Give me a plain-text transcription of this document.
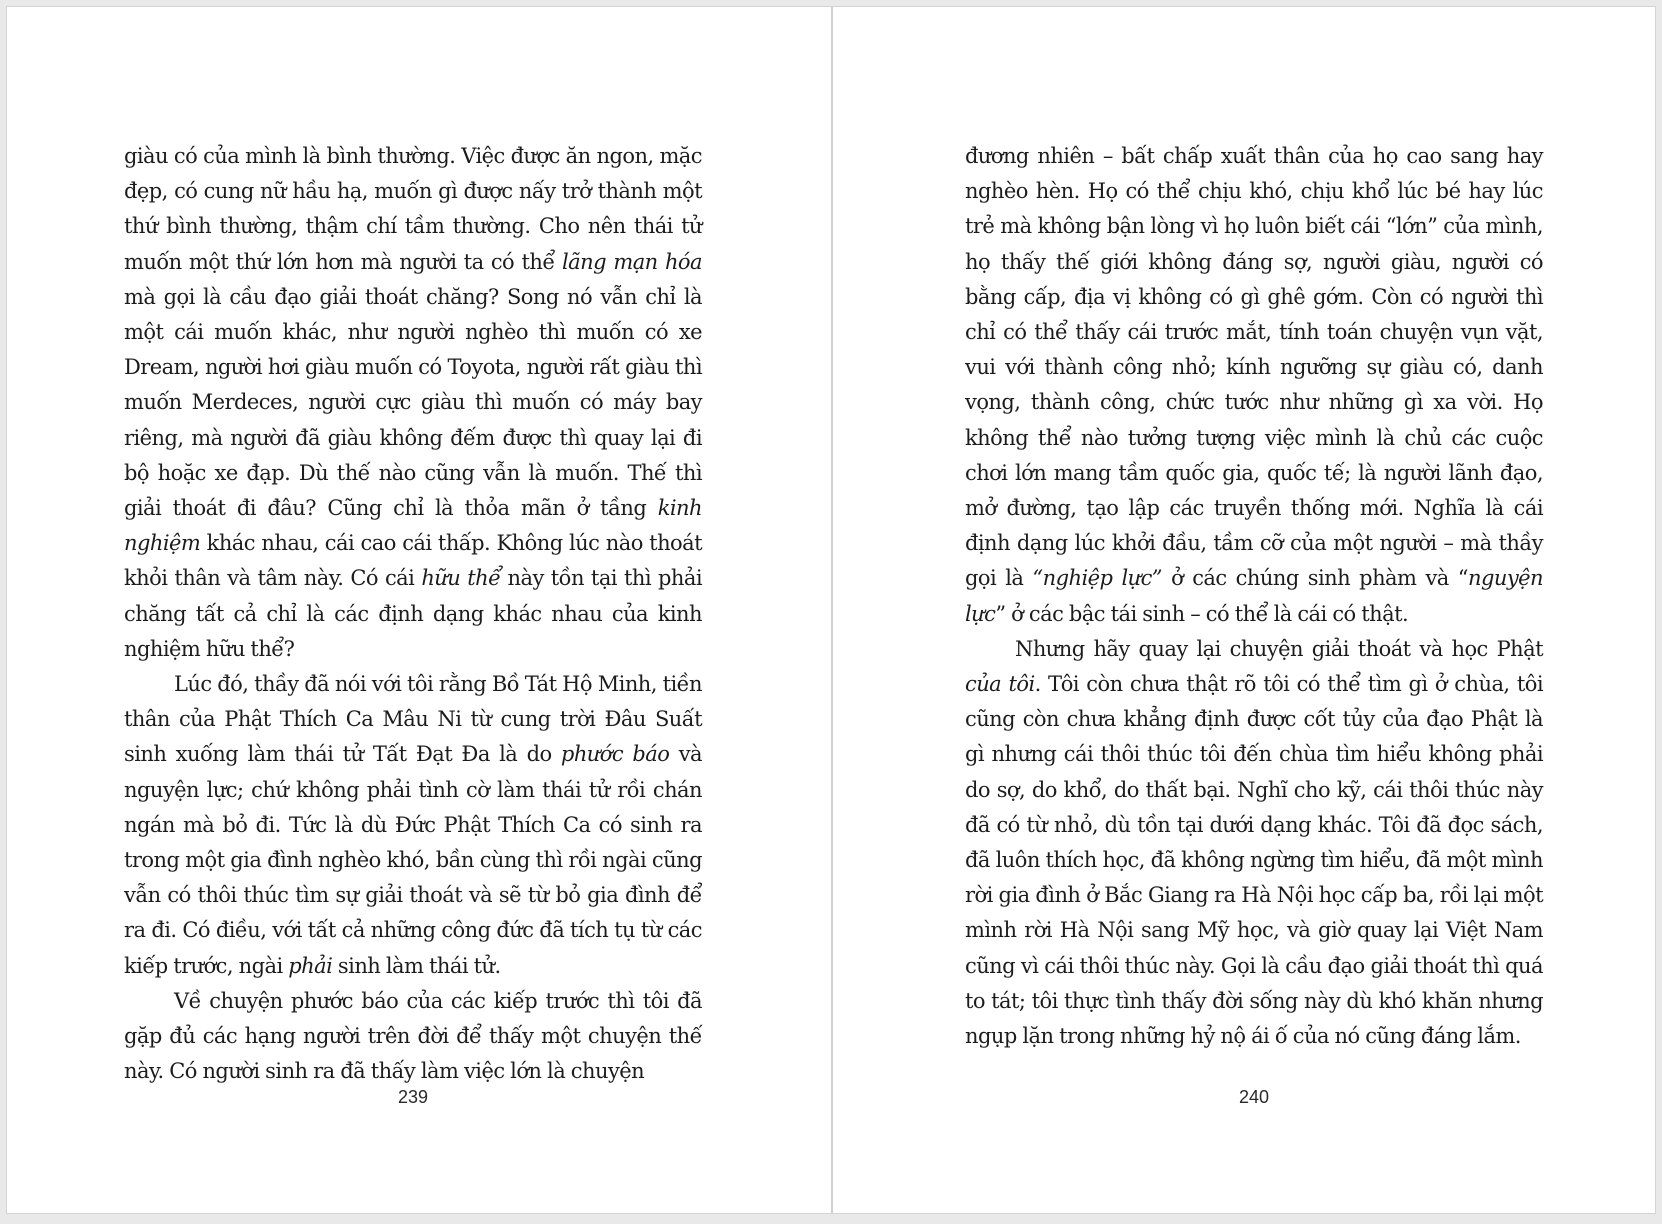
giàu có của mình là bình thường. Việc được ăn ngon, mặc đẹp, có cung nữ hầu hạ, muốn gì được nấy trở thành một thứ bình thường, thậm chí tầm thường. Cho nên thái tử muốn một thứ lớn hơn mà người ta có thể lãng mạn hóa mà gọi là cầu đạo giải thoát chăng? Song nó vẫn chỉ là một cái muốn khác, như người nghèo thì muốn có xe Dream, người hơi giàu muốn có Toyota, người rất giàu thì muốn Merdeces, người cực giàu thì muốn có máy bay riêng, mà người đã giàu không đếm được thì quay lại đi bộ hoặc xe đạp. Dù thế nào cũng vẫn là muốn. Thế thì giải thoát đi đâu? Cũng chỉ là thỏa mãn ở tầng kinh nghiệm khác nhau, cái cao cái thấp. Không lúc nào thoát khỏi thân và tâm này. Có cái hữu thể này tồn tại thì phải chăng tất cả chỉ là các định dạng khác nhau của kinh nghiệm hữu thể?

Lúc đó, thầy đã nói với tôi rằng Bồ Tát Hộ Minh, tiền thân của Phật Thích Ca Mâu Ni từ cung trời Đâu Suất sinh xuống làm thái tử Tất Đạt Đa là do phước báo và nguyện lực; chứ không phải tình cờ làm thái tử rồi chán ngán mà bỏ đi. Tức là dù Đức Phật Thích Ca có sinh ra trong một gia đình nghèo khó, bần cùng thì rồi ngài cũng vẫn có thôi thúc tìm sự giải thoát và sẽ từ bỏ gia đình để ra đi. Có điều, với tất cả những công đức đã tích tụ từ các kiếp trước, ngài phải sinh làm thái tử.

Về chuyện phước báo của các kiếp trước thì tôi đã gặp đủ các hạng người trên đời để thấy một chuyện thế này. Có người sinh ra đã thấy làm việc lớn là chuyện

239

đương nhiên – bất chấp xuất thân của họ cao sang hay nghèo hèn. Họ có thể chịu khó, chịu khổ lúc bé hay lúc trẻ mà không bận lòng vì họ luôn biết cái “lớn” của mình, họ thấy thế giới không đáng sợ, người giàu, người có bằng cấp, địa vị không có gì ghê gớm. Còn có người thì chỉ có thể thấy cái trước mắt, tính toán chuyện vụn vặt, vui với thành công nhỏ; kính ngưỡng sự giàu có, danh vọng, thành công, chức tước như những gì xa vời. Họ không thể nào tưởng tượng việc mình là chủ các cuộc chơi lớn mang tầm quốc gia, quốc tế; là người lãnh đạo, mở đường, tạo lập các truyền thống mới. Nghĩa là cái định dạng lúc khởi đầu, tầm cỡ của một người – mà thầy gọi là “nghiệp lực” ở các chúng sinh phàm và “nguyện lực” ở các bậc tái sinh – có thể là cái có thật.

Nhưng hãy quay lại chuyện giải thoát và học Phật của tôi. Tôi còn chưa thật rõ tôi có thể tìm gì ở chùa, tôi cũng còn chưa khẳng định được cốt tủy của đạo Phật là gì nhưng cái thôi thúc tôi đến chùa tìm hiểu không phải do sợ, do khổ, do thất bại. Nghĩ cho kỹ, cái thôi thúc này đã có từ nhỏ, dù tồn tại dưới dạng khác. Tôi đã đọc sách, đã luôn thích học, đã không ngừng tìm hiểu, đã một mình rời gia đình ở Bắc Giang ra Hà Nội học cấp ba, rồi lại một mình rời Hà Nội sang Mỹ học, và giờ quay lại Việt Nam cũng vì cái thôi thúc này. Gọi là cầu đạo giải thoát thì quá to tát; tôi thực tình thấy đời sống này dù khó khăn nhưng ngụp lặn trong những hỷ nộ ái ố của nó cũng đáng lắm.

240
